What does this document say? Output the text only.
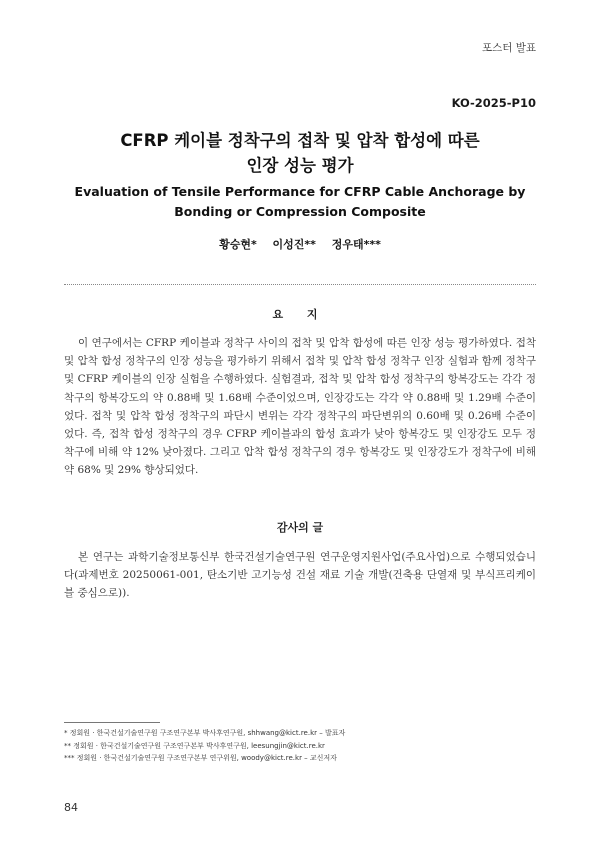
포스터 발표
KO-2025-P10
CFRP 케이블 정착구의 접착 및 압착 합성에 따른
인장 성능 평가
Evaluation of Tensile Performance for CFRP Cable Anchorage by
Bonding or Compression Composite
황승현* 이성진** 정우태***
요 지
이 연구에서는 CFRP 케이블과 정착구 사이의 접착 및 압착 합성에 따른 인장 성능 평가하였다. 접착 및 압착 합성 정착구의 인장 성능을 평가하기 위해서 접착 및 압착 합성 정착구 인장 실험과 함께 정착구 및 CFRP 케이블의 인장 실험을 수행하였다. 실험결과, 접착 및 압착 합성 정착구의 항복강도는 각각 정착구의 항복강도의 약 0.88배 및 1.68배 수준이었으며, 인장강도는 각각 약 0.88배 및 1.29배 수준이었다. 접착 및 압착 합성 정착구의 파단시 변위는 각각 정착구의 파단변위의 0.60배 및 0.26배 수준이었다. 즉, 접착 합성 정착구의 경우 CFRP 케이블과의 합성 효과가 낮아 항복강도 및 인장강도 모두 정착구에 비해 약 12% 낮아졌다. 그리고 압착 합성 정착구의 경우 항복강도 및 인장강도가 정착구에 비해 약 68% 및 29% 향상되었다.
감사의 글
본 연구는 과학기술정보통신부 한국건설기술연구원 연구운영지원사업(주요사업)으로 수행되었습니다(과제번호 20250061-001, 탄소기반 고기능성 건설 재료 기술 개발(건축용 단열재 및 부식프리케이블 중심으로)).
* 정회원 · 한국건설기술연구원 구조연구본부 박사후연구원, shhwang@kict.re.kr – 발표자
** 정회원 · 한국건설기술연구원 구조연구본부 박사후연구원, leesungjin@kict.re.kr
*** 정회원 · 한국건설기술연구원 구조연구본부 연구위원, woody@kict.re.kr – 교신저자
84
